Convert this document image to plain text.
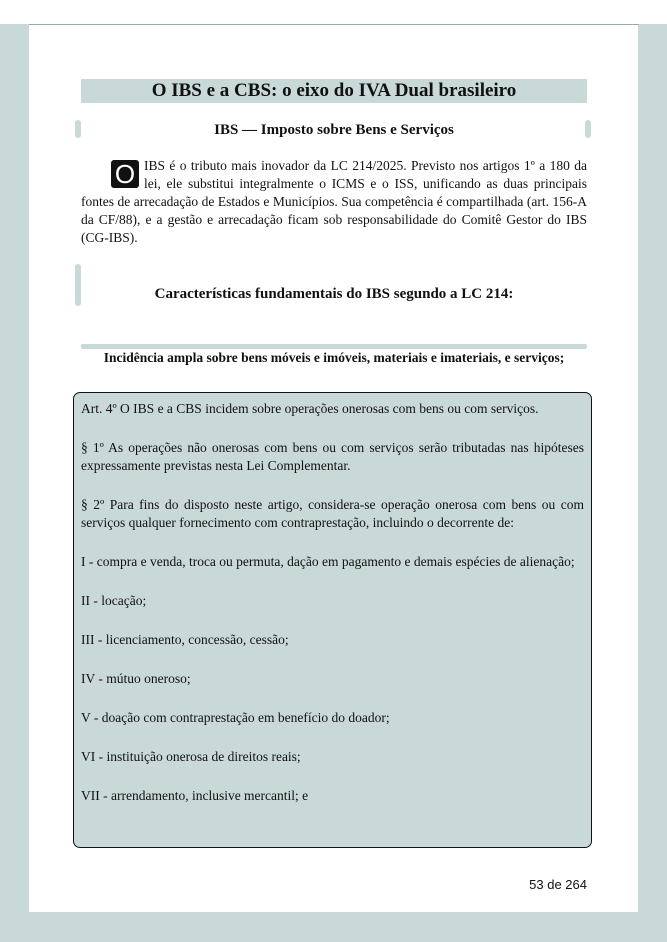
O IBS e a CBS: o eixo do IVA Dual brasileiro
IBS — Imposto sobre Bens e Serviços
O IBS é o tributo mais inovador da LC 214/2025. Previsto nos artigos 1º a 180 da lei, ele substitui integralmente o ICMS e o ISS, unificando as duas principais fontes de arrecadação de Estados e Municípios. Sua competência é compartilhada (art. 156-A da CF/88), e a gestão e arrecadação ficam sob responsabilidade do Comitê Gestor do IBS (CG-IBS).
Características fundamentais do IBS segundo a LC 214:
Incidência ampla sobre bens móveis e imóveis, materiais e imateriais, e serviços;

Art. 4º O IBS e a CBS incidem sobre operações onerosas com bens ou com serviços.

§ 1º As operações não onerosas com bens ou com serviços serão tributadas nas hipóteses expressamente previstas nesta Lei Complementar.

§ 2º Para fins do disposto neste artigo, considera-se operação onerosa com bens ou com serviços qualquer fornecimento com contraprestação, incluindo o decorrente de:

I - compra e venda, troca ou permuta, dação em pagamento e demais espécies de alienação;

II - locação;

III - licenciamento, concessão, cessão;

IV - mútuo oneroso;

V - doação com contraprestação em benefício do doador;

VI - instituição onerosa de direitos reais;

VII - arrendamento, inclusive mercantil; e

53 de 264
